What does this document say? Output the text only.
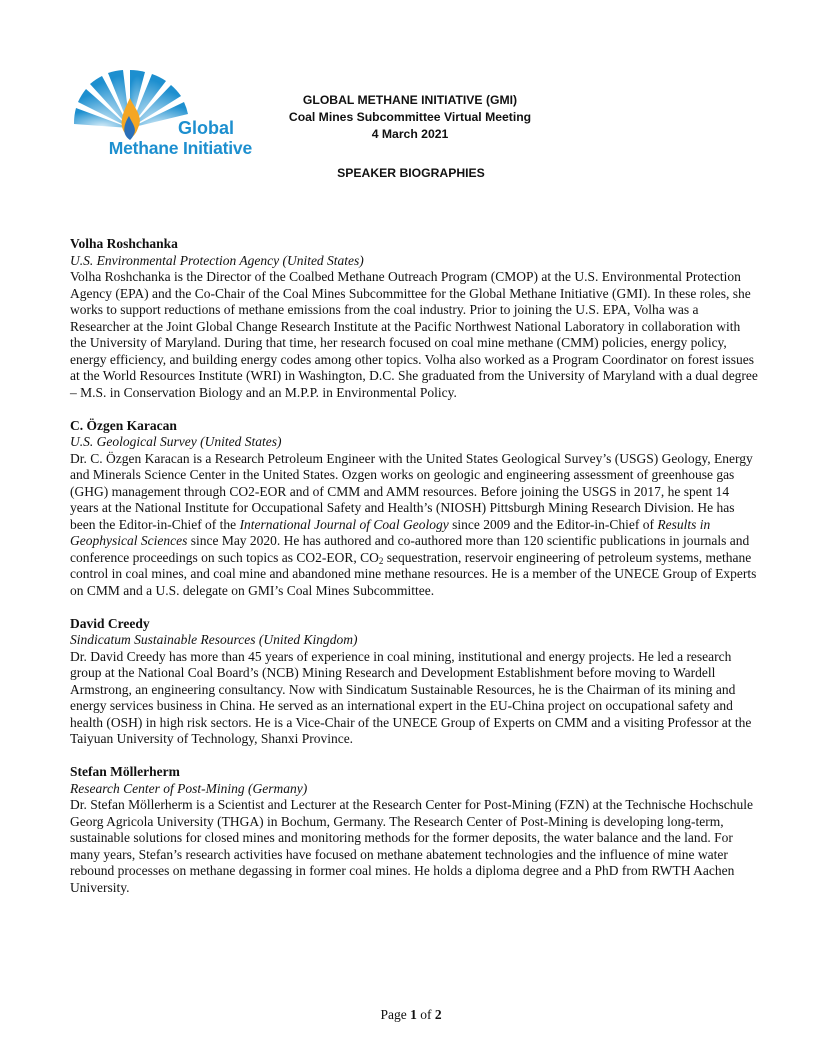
Global
Methane Initiative
GLOBAL METHANE INITIATIVE (GMI)
Coal Mines Subcommittee Virtual Meeting
4 March 2021
SPEAKER BIOGRAPHIES
Volha Roshchanka
U.S. Environmental Protection Agency (United States)
Volha Roshchanka is the Director of the Coalbed Methane Outreach Program (CMOP) at the U.S. Environmental Protection Agency (EPA) and the Co-Chair of the Coal Mines Subcommittee for the Global Methane Initiative (GMI). In these roles, she works to support reductions of methane emissions from the coal industry. Prior to joining the U.S. EPA, Volha was a Researcher at the Joint Global Change Research Institute at the Pacific Northwest National Laboratory in collaboration with the University of Maryland. During that time, her research focused on coal mine methane (CMM) policies, energy policy, energy efficiency, and building energy codes among other topics. Volha also worked as a Program Coordinator on forest issues at the World Resources Institute (WRI) in Washington, D.C. She graduated from the University of Maryland with a dual degree – M.S. in Conservation Biology and an M.P.P. in Environmental Policy.
C. Özgen Karacan
U.S. Geological Survey (United States)
Dr. C. Özgen Karacan is a Research Petroleum Engineer with the United States Geological Survey’s (USGS) Geology, Energy and Minerals Science Center in the United States. Ozgen works on geologic and engineering assessment of greenhouse gas (GHG) management through CO2-EOR and of CMM and AMM resources. Before joining the USGS in 2017, he spent 14 years at the National Institute for Occupational Safety and Health’s (NIOSH) Pittsburgh Mining Research Division. He has been the Editor-in-Chief of the International Journal of Coal Geology since 2009 and the Editor-in-Chief of Results in Geophysical Sciences since May 2020. He has authored and co-authored more than 120 scientific publications in journals and conference proceedings on such topics as CO2-EOR, $CO_2$ sequestration, reservoir engineering of petroleum systems, methane control in coal mines, and coal mine and abandoned mine methane resources. He is a member of the UNECE Group of Experts on CMM and a U.S. delegate on GMI’s Coal Mines Subcommittee.
David Creedy
Sindicatum Sustainable Resources (United Kingdom)
Dr. David Creedy has more than 45 years of experience in coal mining, institutional and energy projects. He led a research group at the National Coal Board’s (NCB) Mining Research and Development Establishment before moving to Wardell Armstrong, an engineering consultancy. Now with Sindicatum Sustainable Resources, he is the Chairman of its mining and energy services business in China. He served as an international expert in the EU-China project on occupational safety and health (OSH) in high risk sectors. He is a Vice-Chair of the UNECE Group of Experts on CMM and a visiting Professor at the Taiyuan University of Technology, Shanxi Province.
Stefan Möllerherm
Research Center of Post-Mining (Germany)
Dr. Stefan Möllerherm is a Scientist and Lecturer at the Research Center for Post-Mining (FZN) at the Technische Hochschule Georg Agricola University (THGA) in Bochum, Germany. The Research Center of Post-Mining is developing long-term, sustainable solutions for closed mines and monitoring methods for the former deposits, the water balance and the land. For many years, Stefan’s research activities have focused on methane abatement technologies and the influence of mine water rebound processes on methane degassing in former coal mines. He holds a diploma degree and a PhD from RWTH Aachen University.
Page 1 of 2
